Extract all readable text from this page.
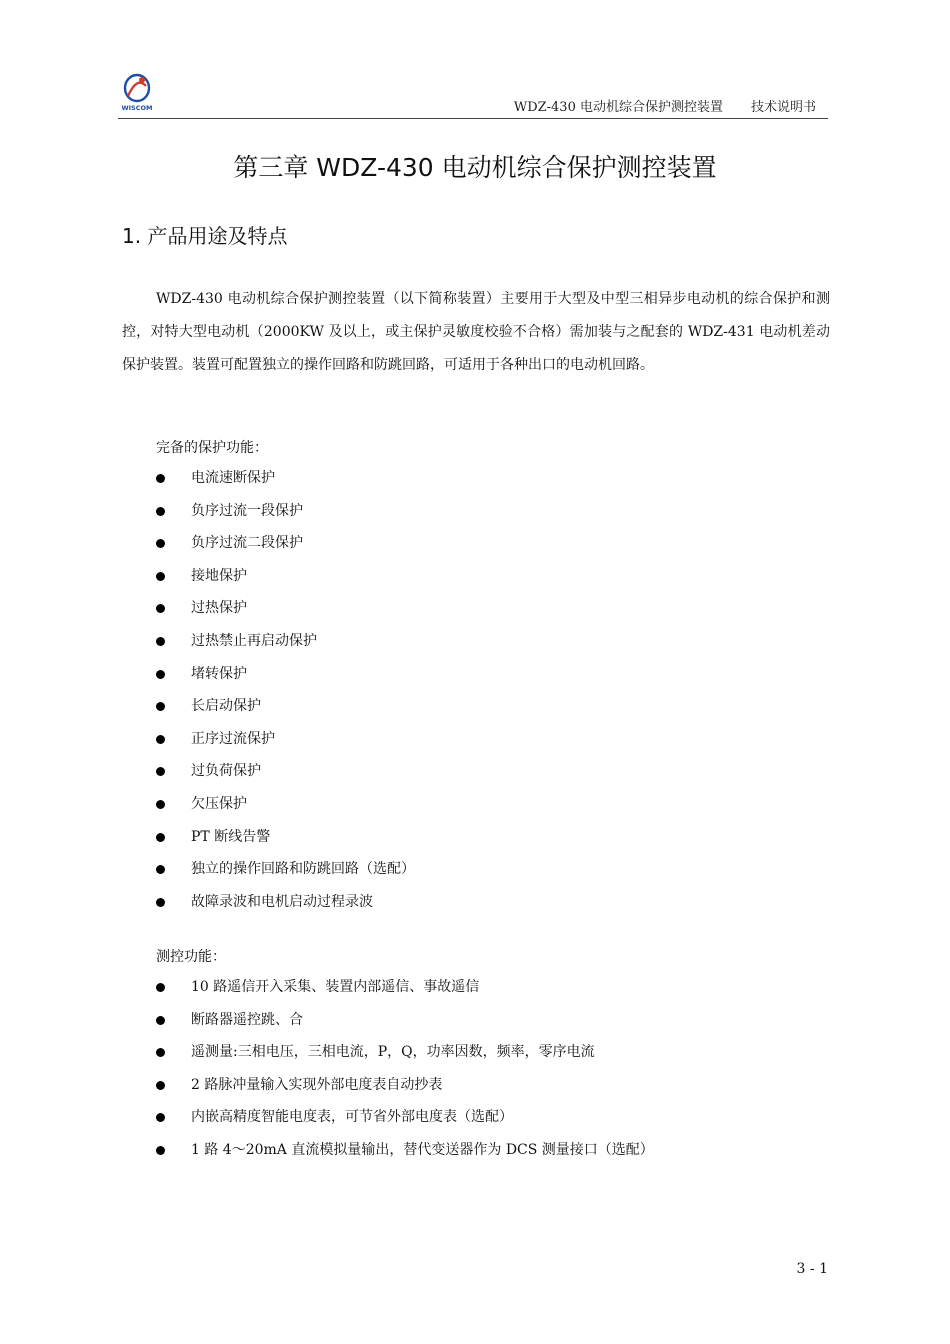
WISCOM	WDZ-430 电动机综合保护测控装置 技术说明书
第三章 WDZ-430 电动机综合保护测控装置
1. 产品用途及特点

WDZ-430 电动机综合保护测控装置（以下简称装置）主要用于大型及中型三相异步电动机的综合保护和测控，对特大型电动机（2000KW 及以上，或主保护灵敏度校验不合格）需加装与之配套的 WDZ-431 电动机差动保护装置。装置可配置独立的操作回路和防跳回路，可适用于各种出口的电动机回路。

完备的保护功能：
电流速断保护
负序过流一段保护
负序过流二段保护
接地保护
过热保护
过热禁止再启动保护
堵转保护
长启动保护
正序过流保护
过负荷保护
欠压保护
PT 断线告警
独立的操作回路和防跳回路（选配）
故障录波和电机启动过程录波
测控功能：
10 路遥信开入采集、装置内部遥信、事故遥信
断路器遥控跳、合
遥测量:三相电压，三相电流，P，Q，功率因数，频率，零序电流
2 路脉冲量输入实现外部电度表自动抄表
内嵌高精度智能电度表，可节省外部电度表（选配）
1 路 4～20mA 直流模拟量输出，替代变送器作为 DCS 测量接口（选配）
3 - 1
